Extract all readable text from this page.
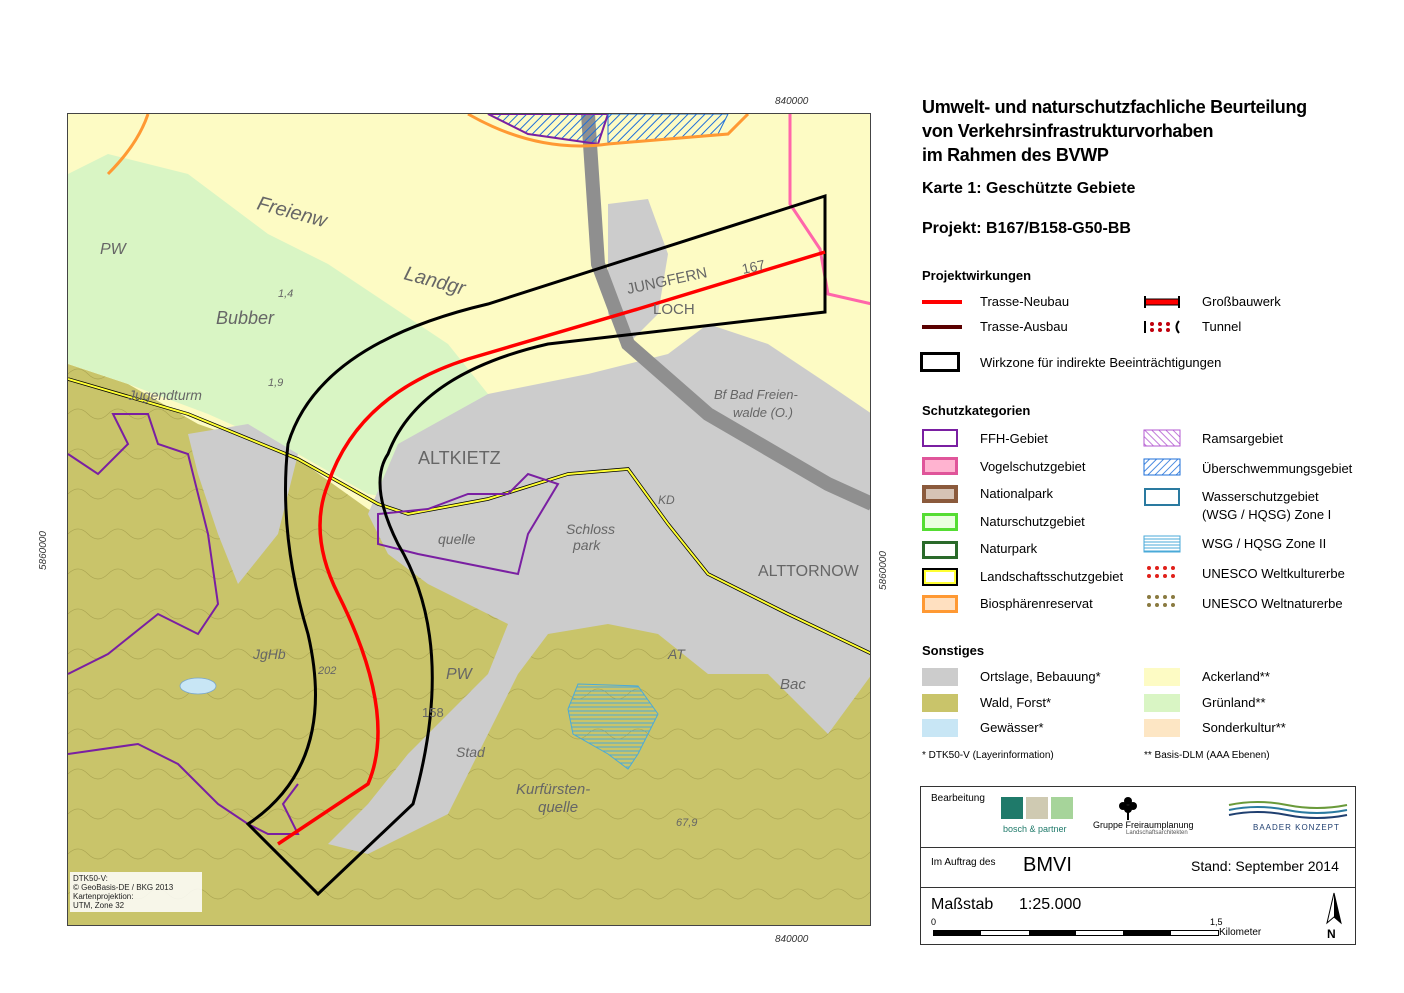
840000
840000
5860000
5860000
Freienw
Landgr
PW
Bubber
Jugendturm
JUNGFERN
LOCH
167
ALTKIETZ
Bf Bad Freien-
walde (O.)
Schloss
park
ALTTORNOW
quelle
JgHb
PW
Kurfürsten-
quelle
158
Stad
Bac
1,4
1,9
67,9
KD
AT
202
DTK50-V:
© GeoBasis-DE / BKG 2013
Kartenprojektion:
UTM, Zone 32
Umwelt- und naturschutzfachliche Beurteilung
von Verkehrsinfrastrukturvorhaben
im Rahmen des BVWP
Karte 1: Geschützte Gebiete
Projekt: B167/B158-G50-BB
Projektwirkungen
Trasse-Neubau
Trasse-Ausbau
Großbauwerk
Tunnel
Wirkzone für indirekte Beeinträchtigungen
Schutzkategorien
FFH-Gebiet
Vogelschutzgebiet
Nationalpark
Naturschutzgebiet
Naturpark
Landschaftsschutzgebiet
Biosphärenreservat
Ramsargebiet
Überschwemmungsgebiet
Wasserschutzgebiet
(WSG / HQSG) Zone I
WSG / HQSG Zone II
UNESCO Weltkulturerbe
UNESCO Weltnaturerbe
Sonstiges
Ortslage, Bebauung*
Wald, Forst*
Gewässer*
Ackerland**
Grünland**
Sonderkultur**
* DTK50-V (Layerinformation)	** Basis-DLM (AAA Ebenen)
Bearbeitung
bosch & partner	Gruppe Freiraumplanung
Landschaftsarchitekten
BAADER KONZEPT
Im Auftrag des BMVI	Stand: September 2014
Maßstab 1:25.000
0	1,5
Kilometer	N
